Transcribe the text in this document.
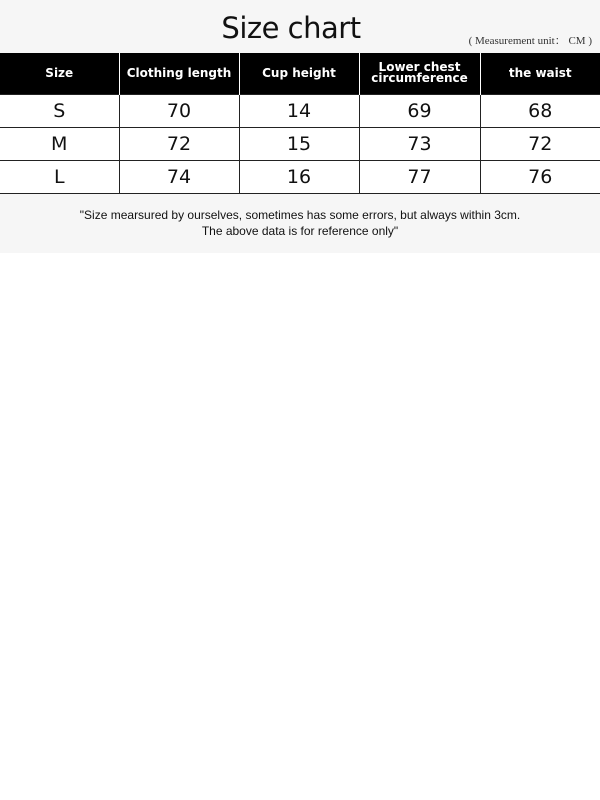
Size chart	( Measurement unit： CM )
Size	Clothing length	Cup height	Lower chest circumference	the waist
S	70	14	69	68
M	72	15	73	72
L	74	16	77	76
"Size mearsured by ourselves, sometimes has some errors, but always within 3cm.
The above data is for reference only"
